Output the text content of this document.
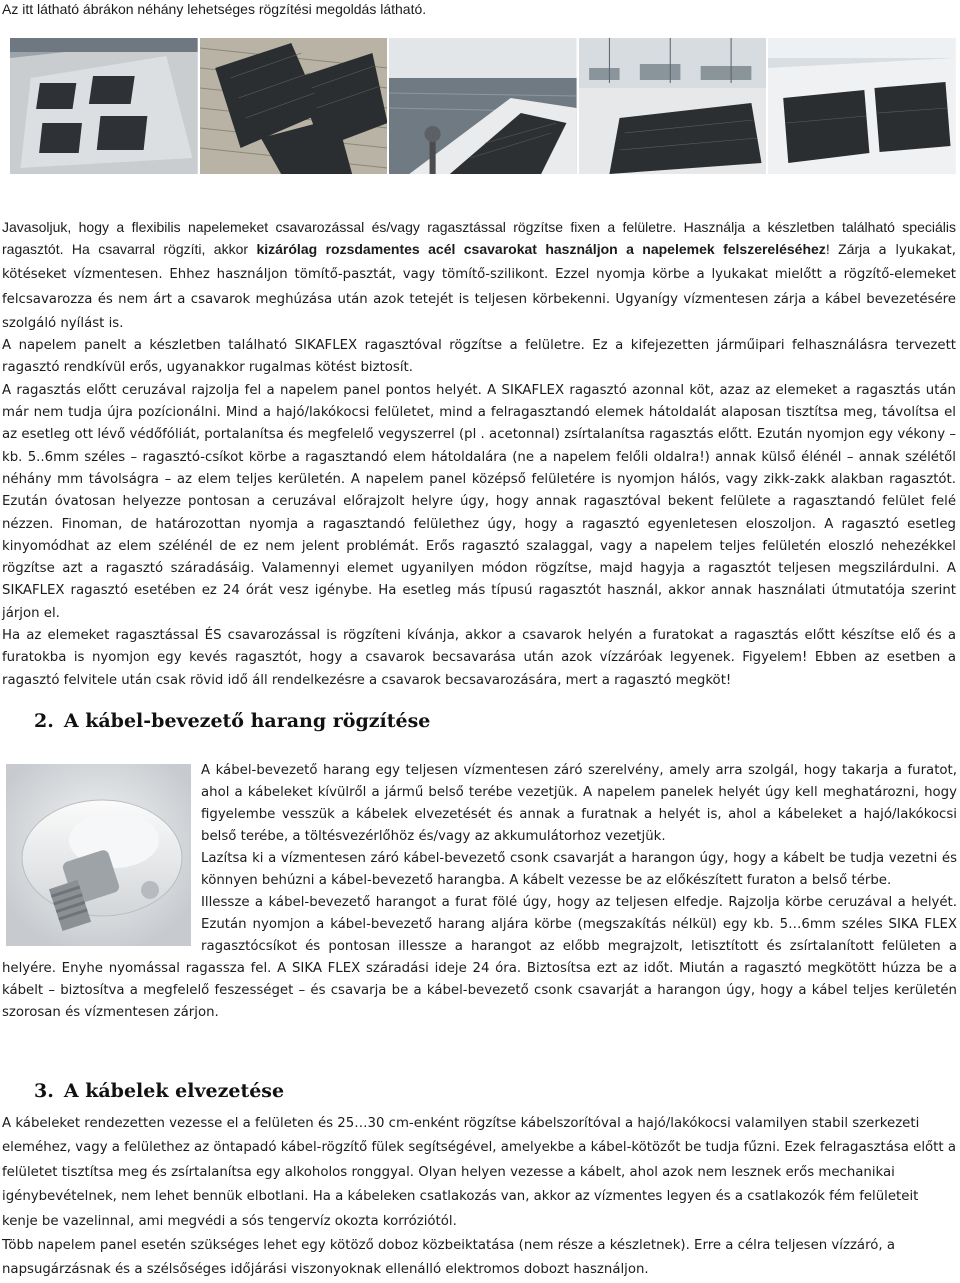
Az itt látható ábrákon néhány lehetséges rögzítési megoldás látható.
Javasoljuk, hogy a flexibilis napelemeket csavarozással és/vagy ragasztással rögzítse fixen a felületre. Használja a készletben található speciális ragasztót. Ha csavarral rögzíti, akkor kizárólag rozsdamentes acél csavarokat használjon a napelemek felszereléséhez! Zárja a lyukakat, kötéseket vízmentesen. Ehhez használjon tömítő-pasztát, vagy tömítő-szilikont. Ezzel nyomja körbe a lyukakat mielőtt a rögzítő-elemeket felcsavarozza és nem árt a csavarok meghúzása után azok tetejét is teljesen körbekenni. Ugyanígy vízmentesen zárja a kábel bevezetésére szolgáló nyílást is.
A napelem panelt a készletben található SIKAFLEX ragasztóval rögzítse a felületre. Ez a kifejezetten járműipari felhasználásra tervezett ragasztó rendkívül erős, ugyanakkor rugalmas kötést biztosít.
A ragasztás előtt ceruzával rajzolja fel a napelem panel pontos helyét. A SIKAFLEX ragasztó azonnal köt, azaz az elemeket a ragasztás után már nem tudja újra pozícionálni. Mind a hajó/lakókocsi felületet, mind a felragasztandó elemek hátoldalát alaposan tisztítsa meg, távolítsa el az esetleg ott lévő védőfóliát, portalanítsa és megfelelő vegyszerrel (pl . acetonnal) zsírtalanítsa ragasztás előtt. Ezután nyomjon egy vékony – kb. 5..6mm széles – ragasztó-csíkot körbe a ragasztandó elem hátoldalára (ne a napelem felőli oldalra!) annak külső élénél – annak szélétől néhány mm távolságra – az elem teljes kerületén. A napelem panel középső felületére is nyomjon hálós, vagy zikk-zakk alakban ragasztót. Ezután óvatosan helyezze pontosan a ceruzával előrajzolt helyre úgy, hogy annak ragasztóval bekent felülete a ragasztandó felület felé nézzen. Finoman, de határozottan nyomja a ragasztandó felülethez úgy, hogy a ragasztó egyenletesen eloszoljon. A ragasztó esetleg kinyomódhat az elem szélénél de ez nem jelent problémát. Erős ragasztó szalaggal, vagy a napelem teljes felületén eloszló nehezékkel rögzítse azt a ragasztó száradásáig. Valamennyi elemet ugyanilyen módon rögzítse, majd hagyja a ragasztót teljesen megszilárdulni. A SIKAFLEX ragasztó esetében ez 24 órát vesz igénybe. Ha esetleg más típusú ragasztót használ, akkor annak használati útmutatója szerint járjon el.
Ha az elemeket ragasztással ÉS csavarozással is rögzíteni kívánja, akkor a csavarok helyén a furatokat a ragasztás előtt készítse elő és a furatokba is nyomjon egy kevés ragasztót, hogy a csavarok becsavarása után azok vízzáróak legyenek. Figyelem! Ebben az esetben a ragasztó felvitele után csak rövid idő áll rendelkezésre a csavarok becsavarozására, mert a ragasztó megköt!
2. A kábel-bevezető harang rögzítése
A kábel-bevezető harang egy teljesen vízmentesen záró szerelvény, amely arra szolgál, hogy takarja a furatot, ahol a kábeleket kívülről a jármű belső terébe vezetjük. A napelem panelek helyét úgy kell meghatározni, hogy figyelembe vesszük a kábelek elvezetését és annak a furatnak a helyét is, ahol a kábeleket a hajó/lakókocsi belső terébe, a töltésvezérlőhöz és/vagy az akkumulátorhoz vezetjük.
Lazítsa ki a vízmentesen záró kábel-bevezető csonk csavarját a harangon úgy, hogy a kábelt be tudja vezetni és könnyen behúzni a kábel-bevezető harangba. A kábelt vezesse be az előkészített furaton a belső térbe.
Illessze a kábel-bevezető harangot a furat fölé úgy, hogy az teljesen elfedje. Rajzolja körbe ceruzával a helyét. Ezután nyomjon a kábel-bevezető harang aljára körbe (megszakítás nélkül) egy kb. 5…6mm széles SIKA FLEX ragasztócsíkot és pontosan illessze a harangot az előbb megrajzolt, letisztított és zsírtalanított felületen a helyére. Enyhe nyomással ragassza fel. A SIKA FLEX száradási ideje 24 óra. Biztosítsa ezt az időt. Miután a ragasztó megkötött húzza be a kábelt – biztosítva a megfelelő feszességet – és csavarja be a kábel-bevezető csonk csavarját a harangon úgy, hogy a kábel teljes kerületén szorosan és vízmentesen zárjon.
3. A kábelek elvezetése
A kábeleket rendezetten vezesse el a felületen és 25…30 cm-enként rögzítse kábelszorítóval a hajó/lakókocsi valamilyen stabil szerkezeti eleméhez, vagy a felülethez az öntapadó kábel-rögzítő fülek segítségével, amelyekbe a kábel-kötözőt be tudja fűzni. Ezek felragasztása előtt a felületet tisztítsa meg és zsírtalanítsa egy alkoholos ronggyal. Olyan helyen vezesse a kábelt, ahol azok nem lesznek erős mechanikai igénybevételnek, nem lehet bennük elbotlani. Ha a kábeleken csatlakozás van, akkor az vízmentes legyen és a csatlakozók fém felületeit kenje be vazelinnal, ami megvédi a sós tengervíz okozta korróziótól.
Több napelem panel esetén szükséges lehet egy kötöző doboz közbeiktatása (nem része a készletnek). Erre a célra teljesen vízzáró, a napsugárzásnak és a szélsőséges időjárási viszonyoknak ellenálló elektromos dobozt használjon.
